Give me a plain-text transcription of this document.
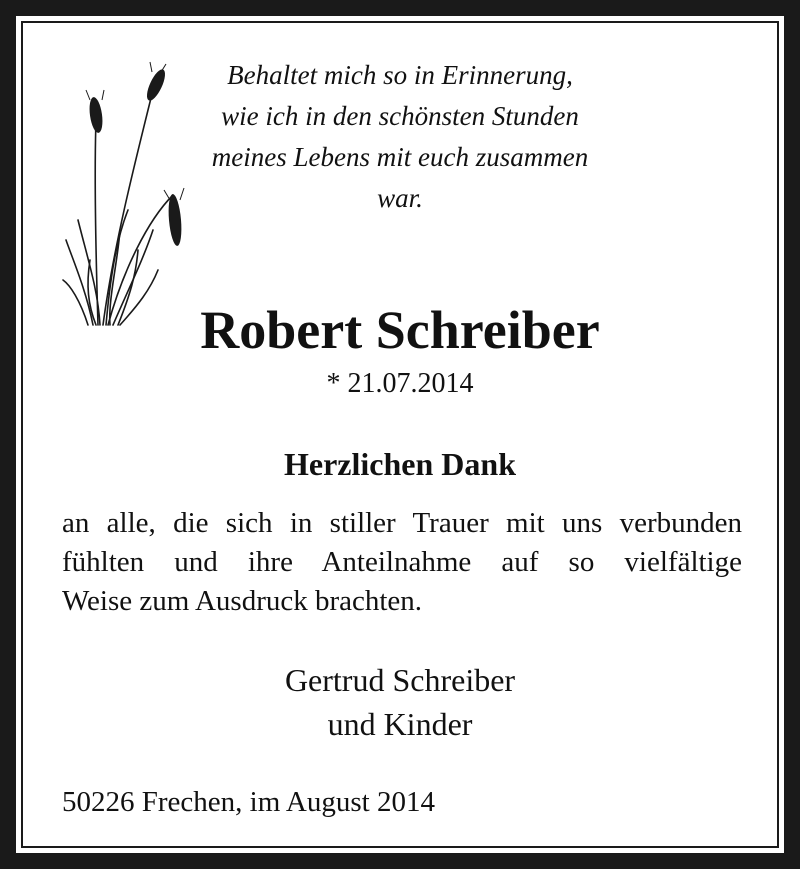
Behaltet mich so in Erinnerung,
wie ich in den schönsten Stunden
meines Lebens mit euch zusammen
war.
Robert Schreiber
* 21.07.2014
Herzlichen Dank
an alle, die sich in stiller Trauer mit uns verbunden
fühlten und ihre Anteilnahme auf so vielfältige
Weise zum Ausdruck brachten.
Gertrud Schreiber
und Kinder
50226 Frechen, im August 2014
